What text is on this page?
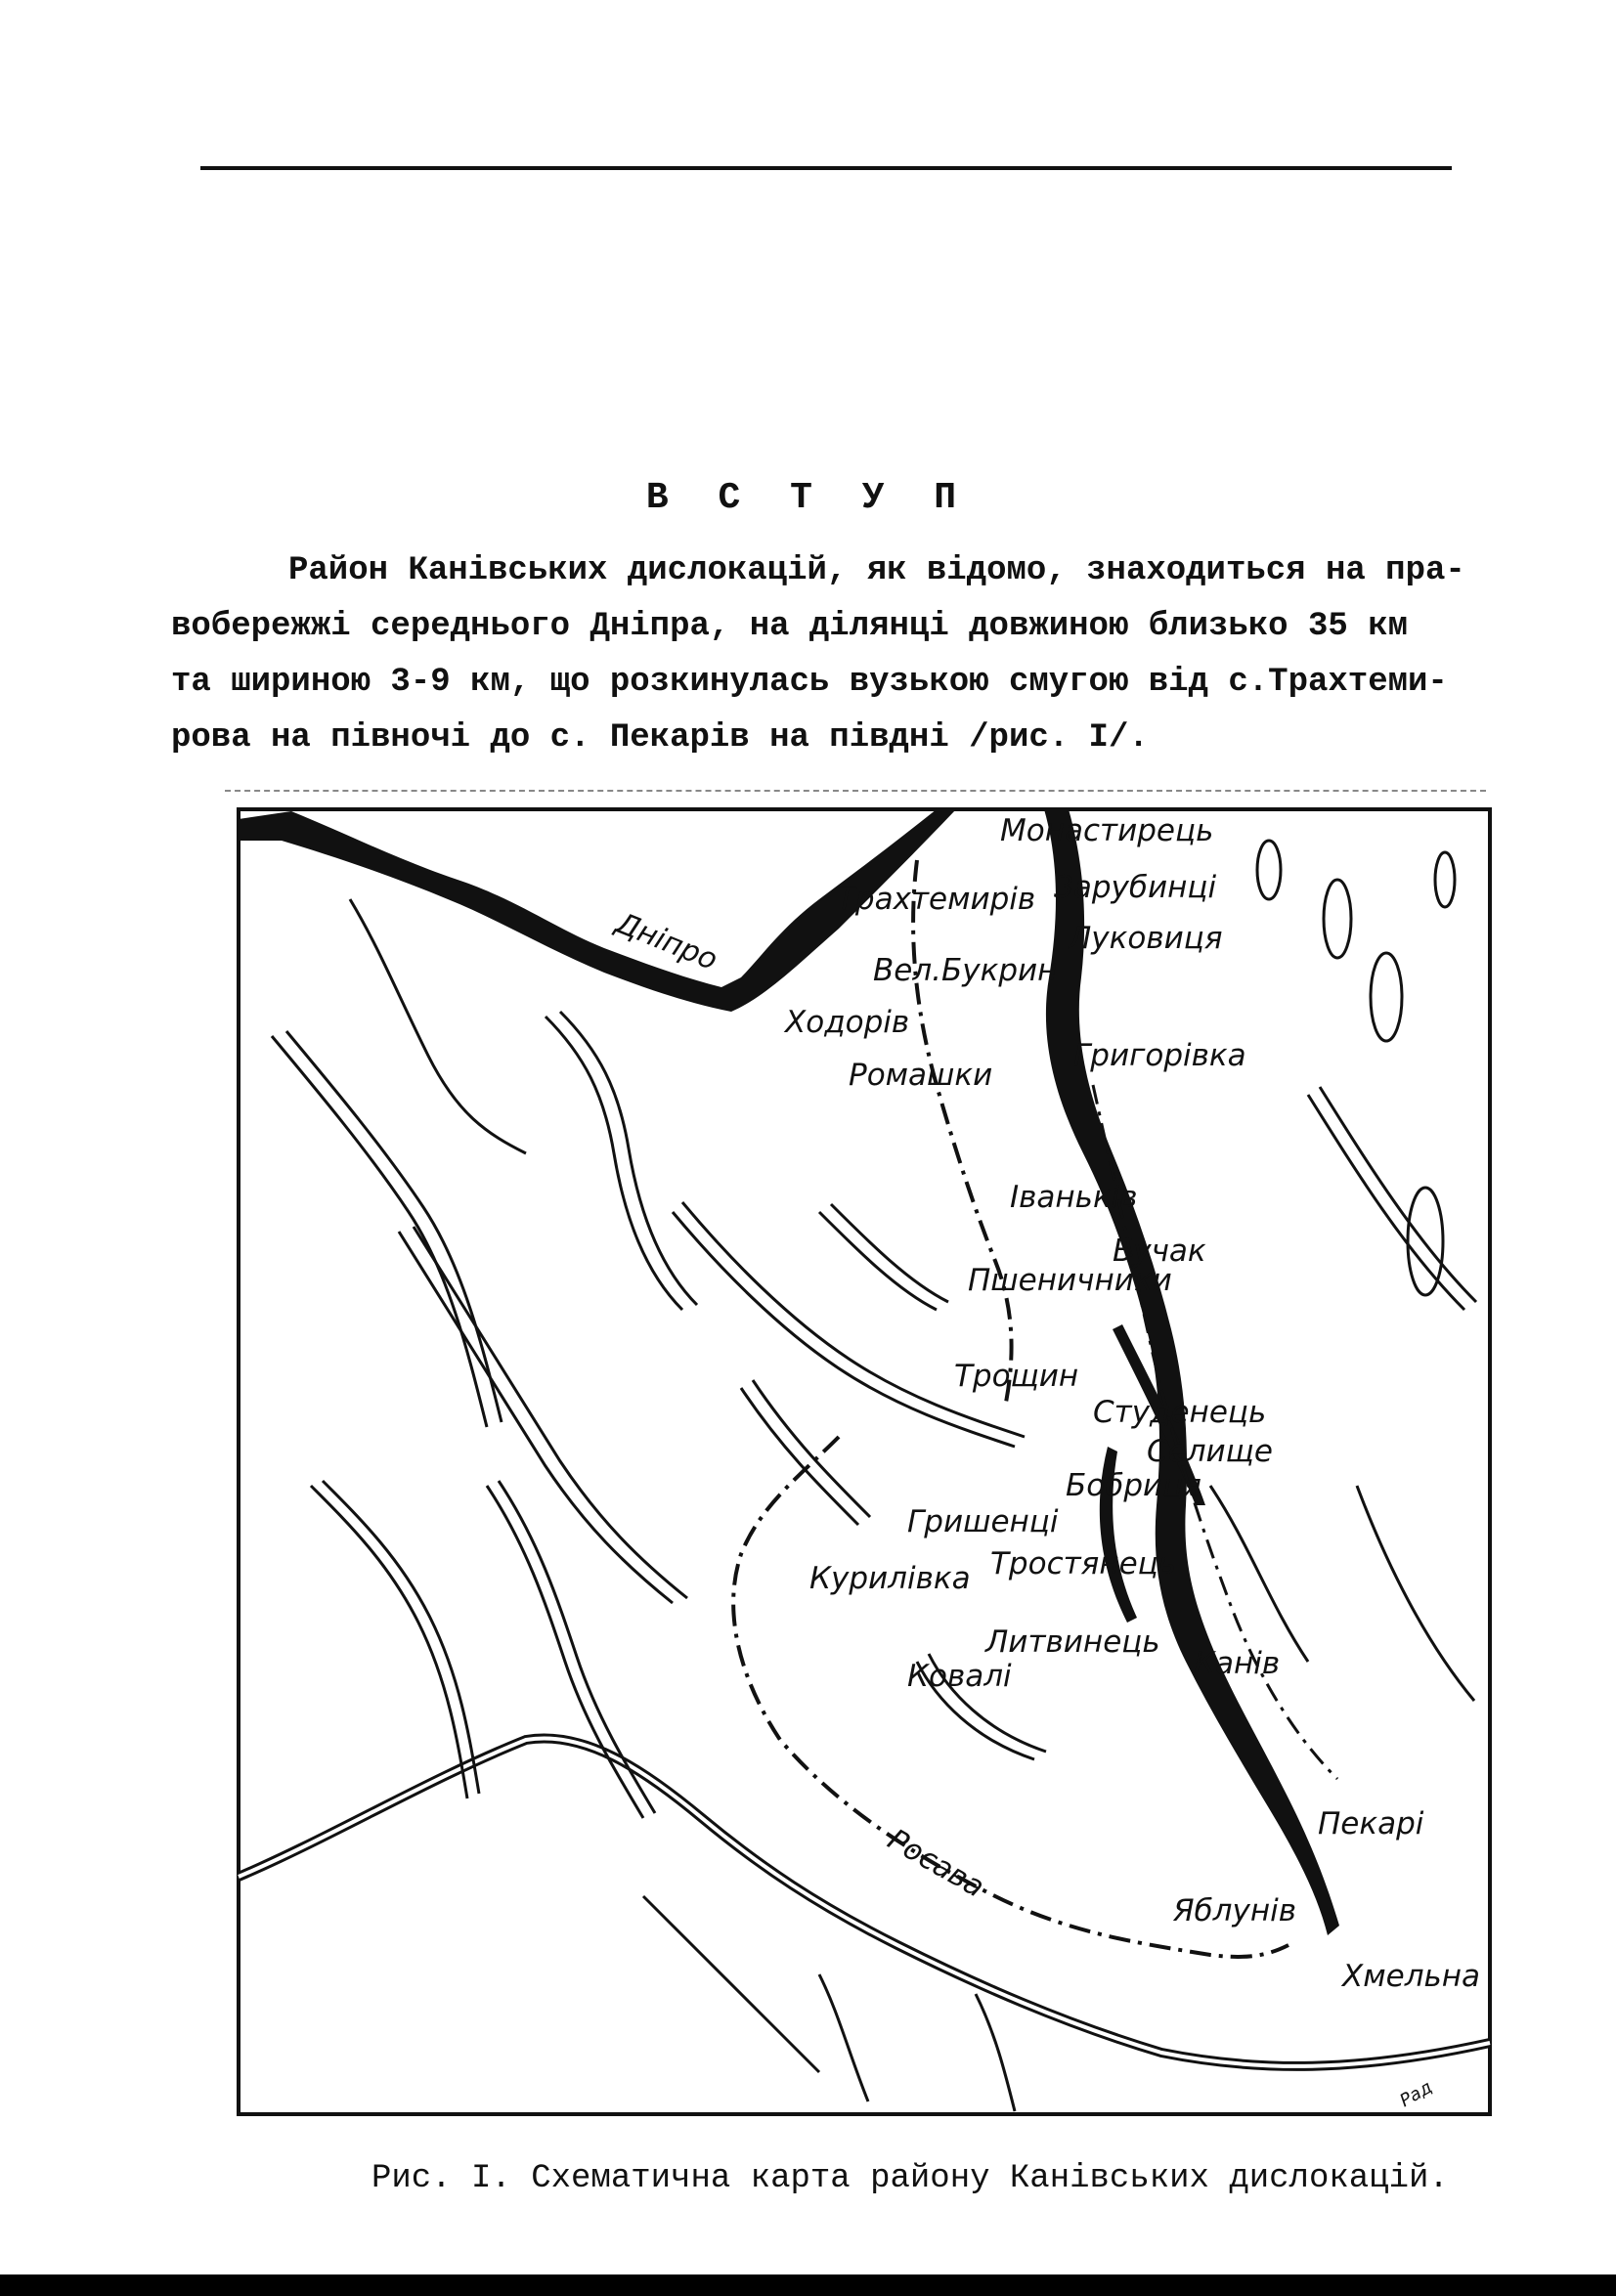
В С Т У П
Район Канівських дислокацій, як відомо, знаходиться на пра-
вобережжі середнього Дніпра, на ділянці довжиною близько 35 км
та шириною 3-9 км, що розкинулась вузькою смугою від с.Трахтеми-
рова на півночі до с. Пекарів на півдні /рис. I/.
Дніпро
Росава
Монастирець
Зарубинці
Трахтемирів
Луковиця
Вел.Букрин
Ходорів
Григорівка
Ромашки
Іваньків
Бучак
Пшеничники
Трощин
Студенець
Селище
Бобриця
Гришенці
Курилівка Тростянець
Литвинець
Канів
Ковалі
Пекарі
Яблунів
Хмельна
Рад
Рис. I. Схематична карта району Канівських дислокацій.
